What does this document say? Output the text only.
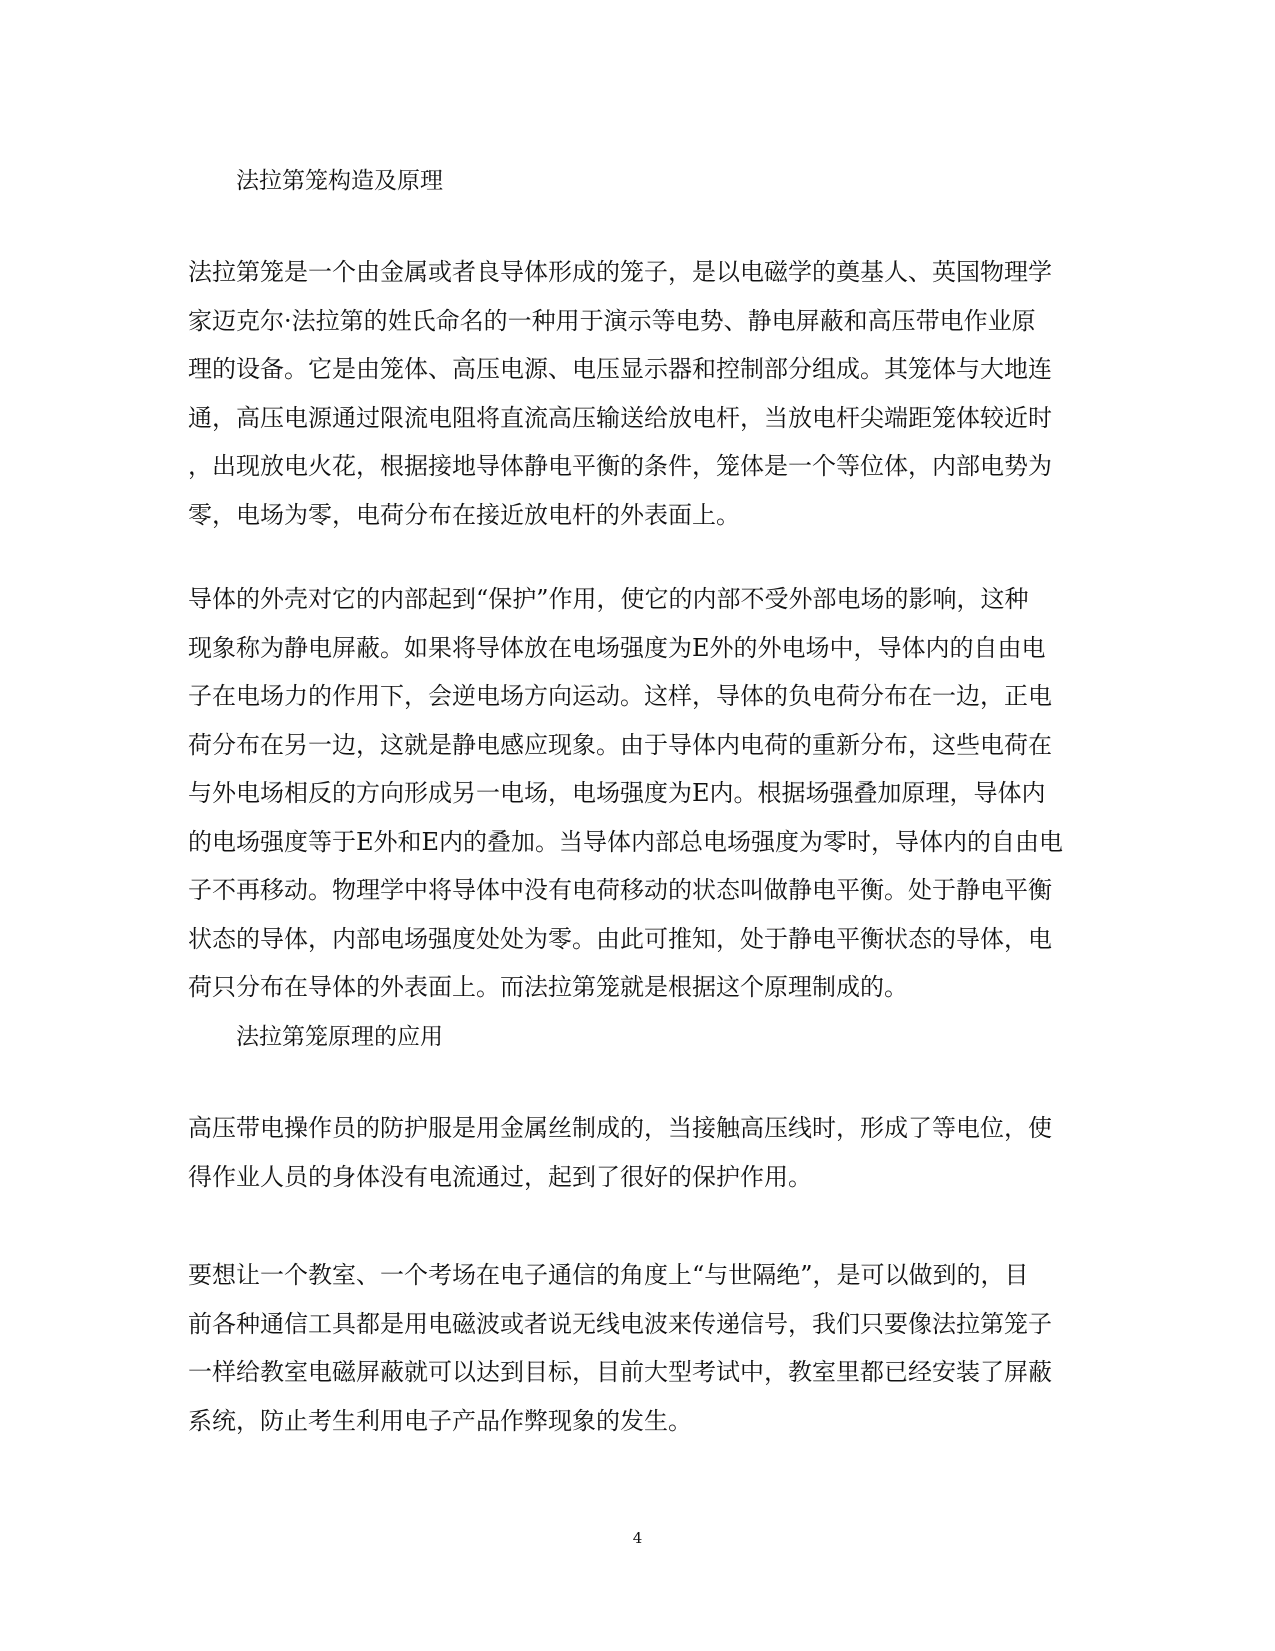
法拉第笼构造及原理
法拉第笼是一个由金属或者良导体形成的笼子，是以电磁学的奠基人、英国物理学
家迈克尔·法拉第的姓氏命名的一种用于演示等电势、静电屏蔽和高压带电作业原
理的设备。它是由笼体、高压电源、电压显示器和控制部分组成。其笼体与大地连
通，高压电源通过限流电阻将直流高压输送给放电杆，当放电杆尖端距笼体较近时
，出现放电火花，根据接地导体静电平衡的条件，笼体是一个等位体，内部电势为
零，电场为零，电荷分布在接近放电杆的外表面上。
导体的外壳对它的内部起到“保护”作用，使它的内部不受外部电场的影响，这种
现象称为静电屏蔽。如果将导体放在电场强度为E外的外电场中，导体内的自由电
子在电场力的作用下，会逆电场方向运动。这样，导体的负电荷分布在一边，正电
荷分布在另一边，这就是静电感应现象。由于导体内电荷的重新分布，这些电荷在
与外电场相反的方向形成另一电场，电场强度为E内。根据场强叠加原理，导体内
的电场强度等于E外和E内的叠加。当导体内部总电场强度为零时，导体内的自由电
子不再移动。物理学中将导体中没有电荷移动的状态叫做静电平衡。处于静电平衡
状态的导体，内部电场强度处处为零。由此可推知，处于静电平衡状态的导体，电
荷只分布在导体的外表面上。而法拉第笼就是根据这个原理制成的。
法拉第笼原理的应用
高压带电操作员的防护服是用金属丝制成的，当接触高压线时，形成了等电位，使
得作业人员的身体没有电流通过，起到了很好的保护作用。
要想让一个教室、一个考场在电子通信的角度上“与世隔绝”，是可以做到的，目
前各种通信工具都是用电磁波或者说无线电波来传递信号，我们只要像法拉第笼子
一样给教室电磁屏蔽就可以达到目标，目前大型考试中，教室里都已经安装了屏蔽
系统，防止考生利用电子产品作弊现象的发生。
4
